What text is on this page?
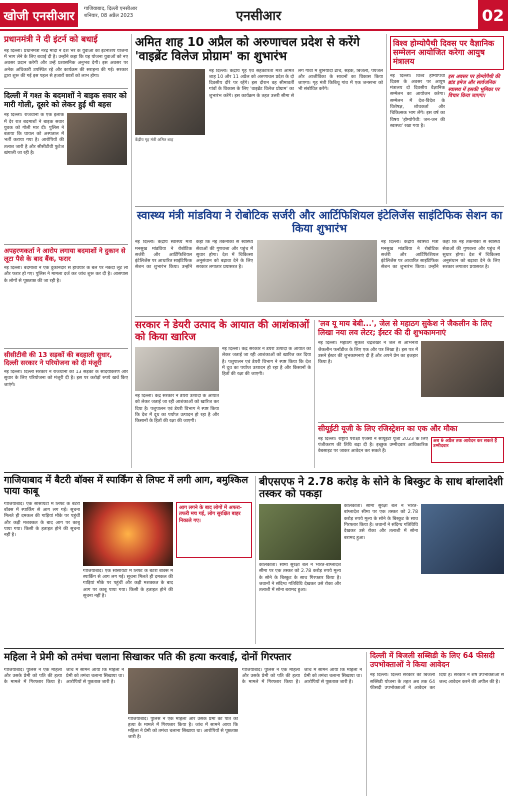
खोजी एनसीआर	गाजियाबाद, दिल्ली एनसीआर
शनिवार, 08 अप्रैल 2023	एनसीआर	02
प्रधानमंत्री ने दी इंटर्न को बधाई
नई दिल्ली। प्रधानमंत्री नरेंद्र मोदी ने देश भर के युवाओं को इंटर्नशिप योजना में भाग लेने के लिए बधाई दी है। उन्होंने कहा कि यह योजना युवाओं को नए अवसर प्रदान करेगी और उन्हें प्रशासनिक अनुभव देगी। इस अवसर पर अनेक अधिकारी उपस्थित रहे और कार्यक्रम की सराहना की गई। सरकार द्वारा शुरू की गई इस पहल से हजारों छात्रों को लाभ होगा।
दिल्ली में गश्त के बदमाशों ने बाइक सवार को मारी गोली, दूसरे को लेकर हुई थी बहस
नई दिल्ली। राजधानी के एक इलाके में देर रात बदमाशों ने बाइक सवार युवक को गोली मार दी। पुलिस ने बताया कि घायल को अस्पताल में भर्ती कराया गया है। आरोपियों की तलाश जारी है और सीसीटीवी फुटेज खंगाली जा रही है।
अपहरणकर्ता ने आरोप लगाया बदमाशों ने दुकान से लूटा पैसे के बाद बैंक, फरार
नई दिल्ली। बदमाशों ने एक दुकानदार से हथियार के बल पर नकदी लूट ली और फरार हो गए। पुलिस ने मामला दर्ज कर जांच शुरू कर दी है। आसपास के लोगों से पूछताछ की जा रही है।
सीसीटीवी की 13 सड़कों की बदहाली सुधार, दिल्ली सरकार ने परियोजना को दी मंजूरी
नई दिल्ली। दिल्ली सरकार ने राजधानी की 13 सड़कों के सौंदर्यीकरण और सुधार के लिए परियोजना को मंजूरी दी है। इस पर करोड़ों रुपये खर्च किए जाएंगे।
अमित शाह 10 अप्रैल को अरुणाचल प्रदेश से करेंगे 'वाइब्रेंट विलेज प्रोग्राम' का शुभारंभ
केंद्रीय गृह मंत्री अमित शाह
नई दिल्ली। केंद्रीय गृह एवं सहकारिता मंत्री अमित शाह 10 और 11 अप्रैल को अरुणाचल प्रदेश के दो दिवसीय दौरे पर रहेंगे। इस दौरान वह सीमावर्ती गांवों के विकास के लिए 'वाइब्रेंट विलेज प्रोग्राम' का शुभारंभ करेंगे। इस कार्यक्रम के तहत उत्तरी सीमा से लगे गांवों में बुनियादी ढांचे, सड़क, बिजली, पेयजल और आजीविका के साधनों का विकास किया जाएगा। गृह मंत्री किबिथू गांव में एक जनसभा को भी संबोधित करेंगे।
विश्व होम्योपैथी दिवस पर वैज्ञानिक सम्मेलन आयोजित करेगा आयुष मंत्रालय
नई दिल्ली। विश्व होम्योपैथी दिवस के अवसर पर आयुष मंत्रालय दो दिवसीय वैज्ञानिक सम्मेलन का आयोजन करेगा। सम्मेलन में देश-विदेश के विशेषज्ञ, शोधकर्ता और चिकित्सक भाग लेंगे। इस वर्ष का विषय 'होम्योपैथी: जन-जन की स्वास्थ्य' रखा गया है।
इस अवसर पर होम्योपैथी की ब्रांड इमेज और सार्वजनिक स्वास्थ्य में इसकी भूमिका पर विचार किया जाएगा।
स्वास्थ्य मंत्री मांडविया ने रोबोटिक सर्जरी और आर्टिफिशियल इंटेलिजेंस साइंटिफिक सेशन का किया शुभारंभ
नई दिल्ली। केंद्रीय स्वास्थ्य मंत्री मनसुख मांडविया ने रोबोटिक सर्जरी और आर्टिफिशियल इंटेलिजेंस पर आधारित साइंटिफिक सेशन का शुभारंभ किया। उन्होंने कहा कि नई तकनीकों से स्वास्थ्य सेवाओं की गुणवत्ता और पहुंच में सुधार होगा। देश में चिकित्सा अनुसंधान को बढ़ावा देने के लिए सरकार लगातार प्रयासरत है।
नई दिल्ली। केंद्रीय स्वास्थ्य मंत्री मनसुख मांडविया ने रोबोटिक सर्जरी और आर्टिफिशियल इंटेलिजेंस पर आधारित साइंटिफिक सेशन का शुभारंभ किया। उन्होंने कहा कि नई तकनीकों से स्वास्थ्य सेवाओं की गुणवत्ता और पहुंच में सुधार होगा। देश में चिकित्सा अनुसंधान को बढ़ावा देने के लिए सरकार लगातार प्रयासरत है।
सरकार ने डेयरी उत्पाद के आयात की आशंकाओं को किया खारिज
नई दिल्ली। केंद्र सरकार ने डेयरी उत्पादों के आयात को लेकर जताई जा रही आशंकाओं को खारिज कर दिया है। पशुपालन एवं डेयरी विभाग ने स्पष्ट किया कि देश में दूध का पर्याप्त उत्पादन हो रहा है और किसानों के हितों की रक्षा की जाएगी।
नई दिल्ली। केंद्र सरकार ने डेयरी उत्पादों के आयात को लेकर जताई जा रही आशंकाओं को खारिज कर दिया है। पशुपालन एवं डेयरी विभाग ने स्पष्ट किया कि देश में दूध का पर्याप्त उत्पादन हो रहा है और किसानों के हितों की रक्षा की जाएगी।
'लव यू माय बेबी...', जेल से महाठग सुकेश ने जैकलीन के लिए लिखा नया लव लेटर; ईस्टर की दी शुभकामनाएं
नई दिल्ली। महाठग सुकेश चंद्रशेखर ने जेल से अभिनेत्री जैकलीन फर्नांडीज के लिए एक और पत्र लिखा है। इस पत्र में उसने ईस्टर की शुभकामनाएं दी हैं और अपने प्रेम का इजहार किया है।
सीयूईटी यूजी के लिए रजिस्ट्रेशन का एक और मौका
नई दिल्ली। राष्ट्रीय परीक्षा एजेंसी ने सीयूईटी यूजी 2023 के लिए पंजीकरण की तिथि बढ़ा दी है। इच्छुक उम्मीदवार आधिकारिक वेबसाइट पर जाकर आवेदन कर सकते हैं।
अब 9 अप्रैल तक आवेदन कर सकते हैं उम्मीदवार
गाजियाबाद में बैटरी बॉक्स में स्पार्किंग से लिफ्ट में लगी आग, बमुश्किल पाया काबू
गाजियाबाद। एक सोसायटी में लिफ्ट के बैटरी बॉक्स में स्पार्किंग से आग लग गई। सूचना मिलते ही दमकल की गाड़ियां मौके पर पहुंचीं और कड़ी मशक्कत के बाद आग पर काबू पाया गया। किसी के हताहत होने की सूचना नहीं है।
गाजियाबाद। एक सोसायटी में लिफ्ट के बैटरी बॉक्स में स्पार्किंग से आग लग गई। सूचना मिलते ही दमकल की गाड़ियां मौके पर पहुंचीं और कड़ी मशक्कत के बाद आग पर काबू पाया गया। किसी के हताहत होने की सूचना नहीं है।
आग लगने के बाद लोगों में अफरा-तफरी मच गई, लोग सुरक्षित बाहर निकाले गए।
बीएसएफ ने 2.78 करोड़ के सोने के बिस्कुट के साथ बांग्लादेशी तस्कर को पकड़ा
कोलकाता। सीमा सुरक्षा बल ने भारत-बांग्लादेश सीमा पर एक तस्कर को 2.78 करोड़ रुपये मूल्य के सोने के बिस्कुट के साथ गिरफ्तार किया है। जवानों ने संदिग्ध गतिविधि देखकर उसे रोका और तलाशी में सोना बरामद हुआ।
कोलकाता। सीमा सुरक्षा बल ने भारत-बांग्लादेश सीमा पर एक तस्कर को 2.78 करोड़ रुपये मूल्य के सोने के बिस्कुट के साथ गिरफ्तार किया है। जवानों ने संदिग्ध गतिविधि देखकर उसे रोका और तलाशी में सोना बरामद हुआ।
महिला ने प्रेमी को तमंचा चलाना सिखाकर पति की हत्या करवाई, दोनों गिरफ्तार
गाजियाबाद। पुलिस ने एक महिला और उसके प्रेमी को पति की हत्या के मामले में गिरफ्तार किया है। जांच में सामने आया कि महिला ने प्रेमी को तमंचा चलाना सिखाया था। आरोपियों से पूछताछ जारी है।
गाजियाबाद। पुलिस ने एक महिला और उसके प्रेमी को पति की हत्या के मामले में गिरफ्तार किया है। जांच में सामने आया कि महिला ने प्रेमी को तमंचा चलाना सिखाया था। आरोपियों से पूछताछ जारी है।
गाजियाबाद। पुलिस ने एक महिला और उसके प्रेमी को पति की हत्या के मामले में गिरफ्तार किया है। जांच में सामने आया कि महिला ने प्रेमी को तमंचा चलाना सिखाया था। आरोपियों से पूछताछ जारी है।
दिल्ली में बिजली सब्सिडी के लिए 64 फीसदी उपभोक्ताओं ने किया आवेदन
नई दिल्ली। दिल्ली सरकार की बिजली सब्सिडी योजना के तहत अब तक 64 फीसदी उपभोक्ताओं ने आवेदन कर दिया है। सरकार ने शेष उपभोक्ताओं से जल्द आवेदन करने की अपील की है।
